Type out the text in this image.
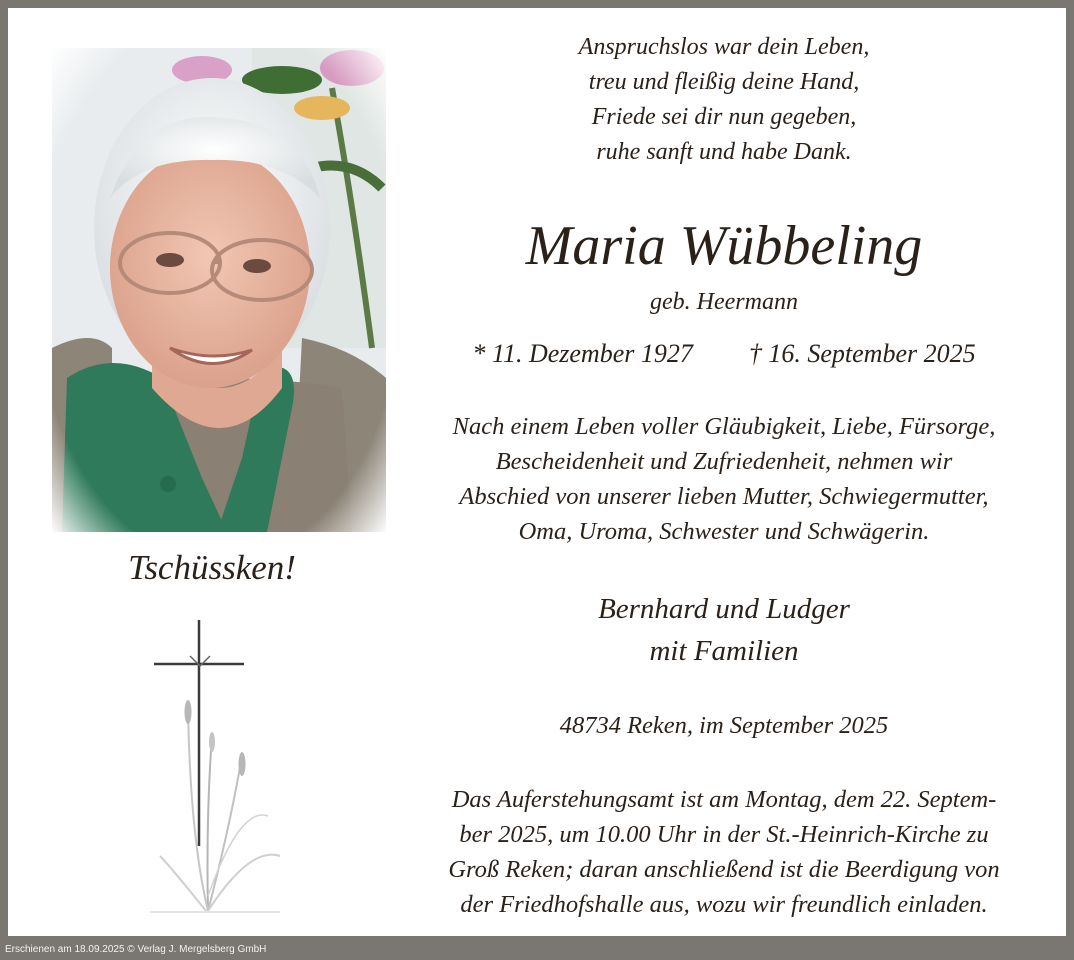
Tschüssken!
Anspruchslos war dein Leben,
treu und fleißig deine Hand,
Friede sei dir nun gegeben,
ruhe sanft und habe Dank.
Maria Wübbeling
geb. Heermann
* 11. Dezember 1927 † 16. September 2025
Nach einem Leben voller Gläubigkeit, Liebe, Fürsorge,
Bescheidenheit und Zufriedenheit, nehmen wir
Abschied von unserer lieben Mutter, Schwiegermutter,
Oma, Uroma, Schwester und Schwägerin.
Bernhard und Ludger
mit Familien
48734 Reken, im September 2025
Das Auferstehungsamt ist am Montag, dem 22. Septem-
ber 2025, um 10.00 Uhr in der St.-Heinrich-Kirche zu
Groß Reken; daran anschließend ist die Beerdigung von
der Friedhofshalle aus, wozu wir freundlich einladen.
Erschienen am 18.09.2025 © Verlag J. Mergelsberg GmbH
